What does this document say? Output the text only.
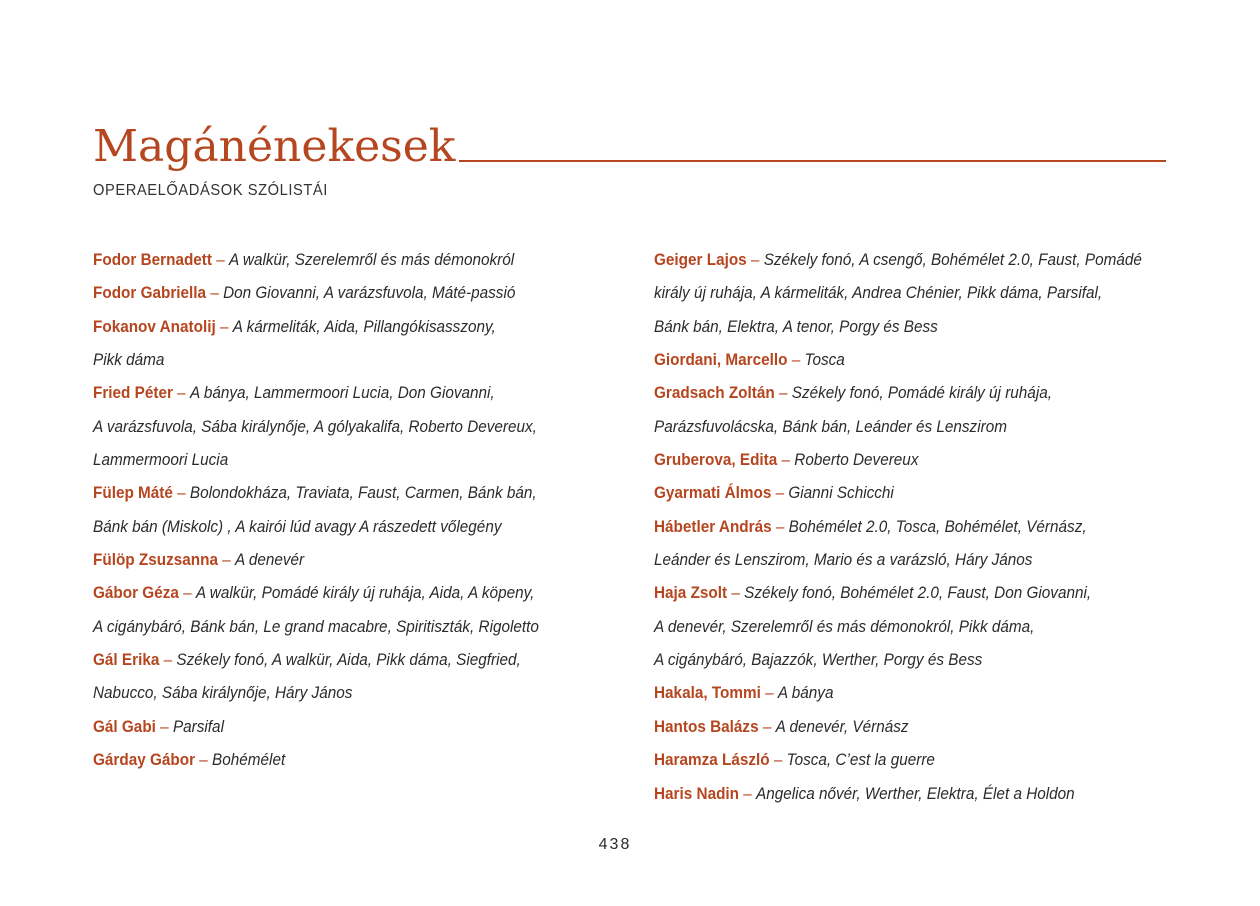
Magánénekesek
OPERAELŐADÁSOK SZÓLISTÁI
Fodor Bernadett – A walkür, Szerelemről és más démonokról
Fodor Gabriella – Don Giovanni, A varázsfuvola, Máté-passió
Fokanov Anatolij – A kármeliták, Aida, Pillangókisasszony,
Pikk dáma
Fried Péter – A bánya, Lammermoori Lucia, Don Giovanni,
A varázsfuvola, Sába királynője, A gólyakalifa, Roberto Devereux,
Lammermoori Lucia
Fülep Máté – Bolondokháza, Traviata, Faust, Carmen, Bánk bán,
Bánk bán (Miskolc) , A kairói lúd avagy A rászedett vőlegény
Fülöp Zsuzsanna – A denevér
Gábor Géza – A walkür, Pomádé király új ruhája, Aida, A köpeny,
A cigánybáró, Bánk bán, Le grand macabre, Spiritiszták, Rigoletto
Gál Erika – Székely fonó, A walkür, Aida, Pikk dáma, Siegfried,
Nabucco, Sába királynője, Háry János
Gál Gabi – Parsifal
Gárday Gábor – Bohémélet
Geiger Lajos – Székely fonó, A csengő, Bohémélet 2.0, Faust, Pomádé
király új ruhája, A kármeliták, Andrea Chénier, Pikk dáma, Parsifal,
Bánk bán, Elektra, A tenor, Porgy és Bess
Giordani, Marcello – Tosca
Gradsach Zoltán – Székely fonó, Pomádé király új ruhája,
Parázsfuvolácska, Bánk bán, Leánder és Lenszirom
Gruberova, Edita – Roberto Devereux
Gyarmati Álmos – Gianni Schicchi
Hábetler András – Bohémélet 2.0, Tosca, Bohémélet, Vérnász,
Leánder és Lenszirom, Mario és a varázsló, Háry János
Haja Zsolt – Székely fonó, Bohémélet 2.0, Faust, Don Giovanni,
A denevér, Szerelemről és más démonokról, Pikk dáma,
A cigánybáró, Bajazzók, Werther, Porgy és Bess
Hakala, Tommi – A bánya
Hantos Balázs – A denevér, Vérnász
Haramza László – Tosca, C’est la guerre
Haris Nadin – Angelica nővér, Werther, Elektra, Élet a Holdon
438
